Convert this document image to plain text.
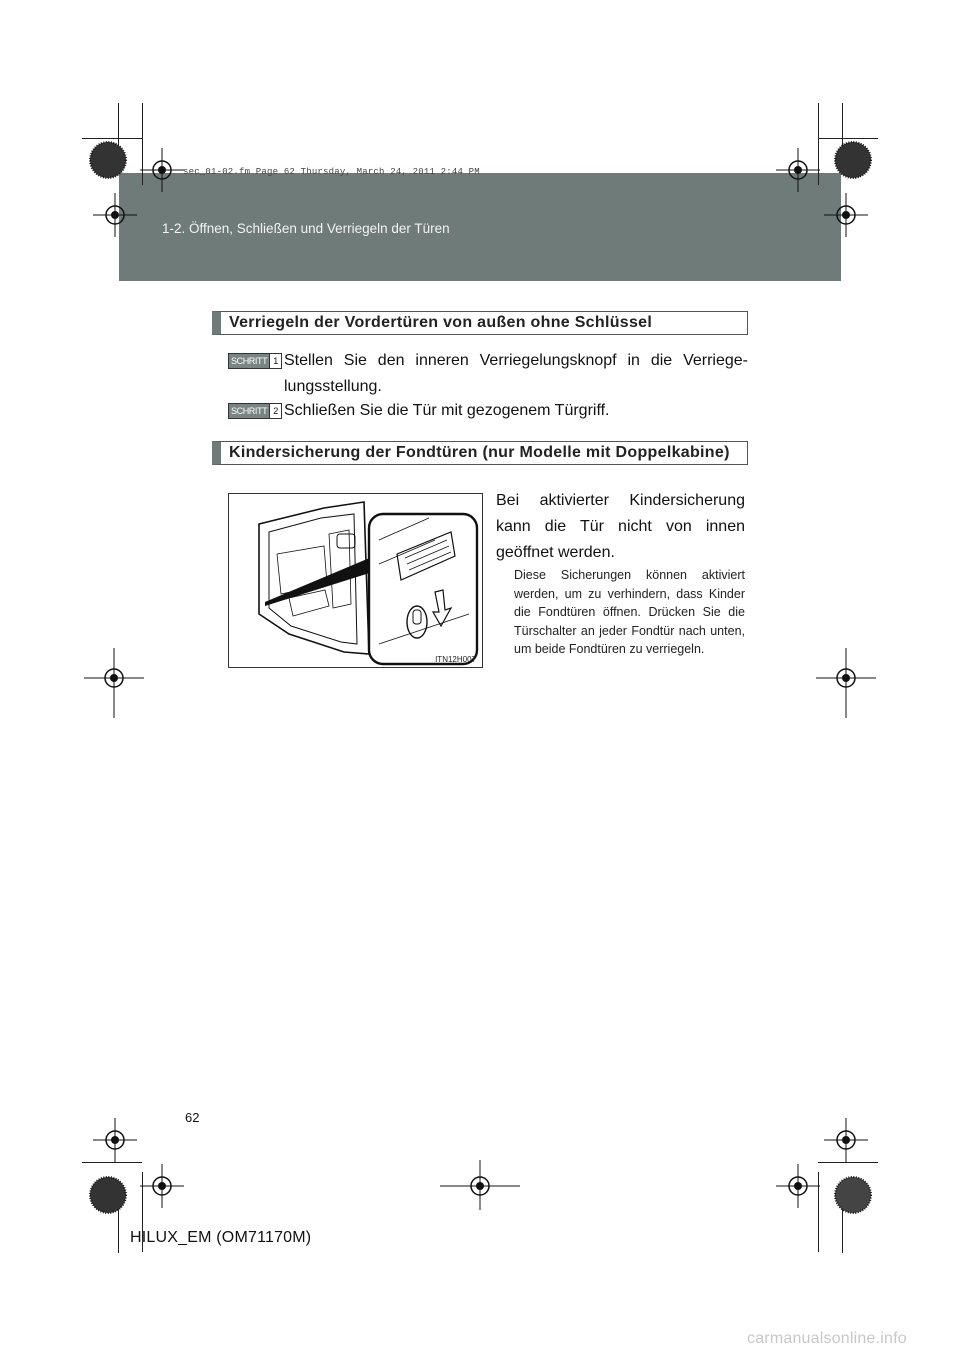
1-2. Öffnen, Schließen und Verriegeln der Türen
sec_01-02.fm Page 62 Thursday, March 24, 2011 2:44 PM
Verriegeln der Vordertüren von außen ohne Schlüssel
SCHRITT 1 Stellen Sie den inneren Verriegelungsknopf in die Verriegelungsstellung.
SCHRITT 2 Schließen Sie die Tür mit gezogenem Türgriff.
Kindersicherung der Fondtüren (nur Modelle mit Doppelkabine)
ITN12H007
Bei aktivierter Kindersicherung kann die Tür nicht von innen geöffnet werden.
Diese Sicherungen können aktiviert werden, um zu verhindern, dass Kinder die Fondtüren öffnen. Drücken Sie die Türschalter an jeder Fondtür nach unten, um beide Fondtüren zu verriegeln.
62
HILUX_EM (OM71170M)
carmanualsonline.info
